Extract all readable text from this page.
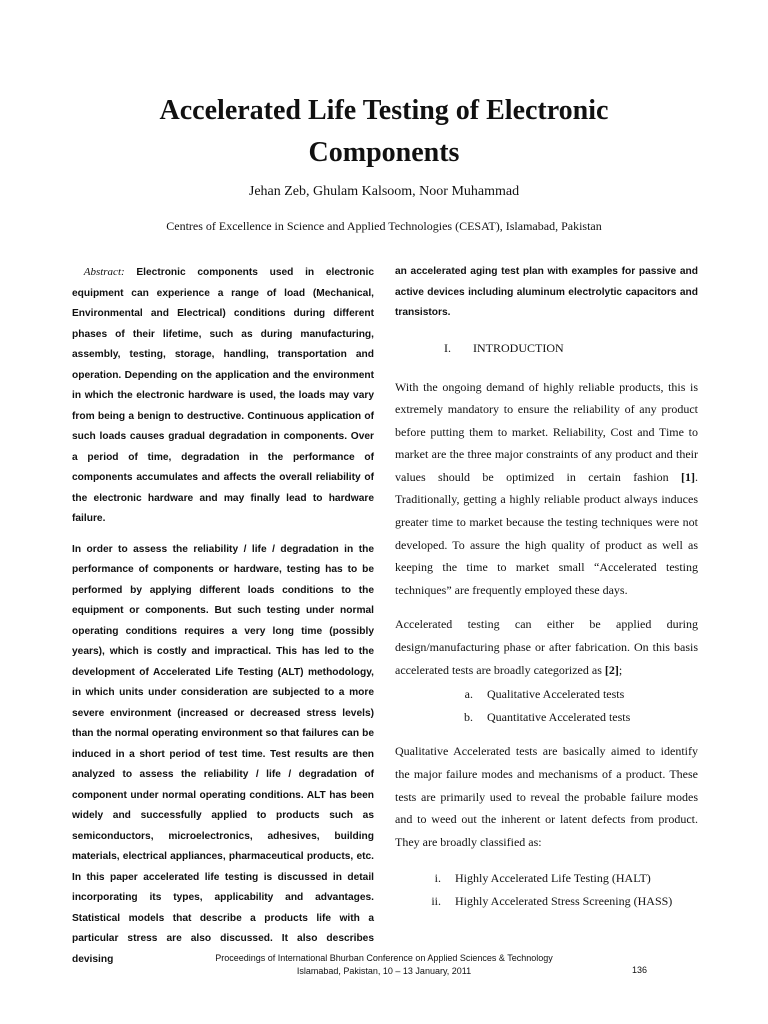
Accelerated Life Testing of Electronic
Components
Jehan Zeb, Ghulam Kalsoom, Noor Muhammad
Centres of Excellence in Science and Applied Technologies (CESAT), Islamabad, Pakistan

Abstract: Electronic components used in electronic equipment can experience a range of load (Mechanical, Environmental and Electrical) conditions during different phases of their lifetime, such as during manufacturing, assembly, testing, storage, handling, transportation and operation. Depending on the application and the environment in which the electronic hardware is used, the loads may vary from being a benign to destructive. Continuous application of such loads causes gradual degradation in components. Over a period of time, degradation in the performance of components accumulates and affects the overall reliability of the electronic hardware and may finally lead to hardware failure.

In order to assess the reliability / life / degradation in the performance of components or hardware, testing has to be performed by applying different loads conditions to the equipment or components. But such testing under normal operating conditions requires a very long time (possibly years), which is costly and impractical. This has led to the development of Accelerated Life Testing (ALT) methodology, in which units under consideration are subjected to a more severe environment (increased or decreased stress levels) than the normal operating environment so that failures can be induced in a short period of test time. Test results are then analyzed to assess the reliability / life / degradation of component under normal operating conditions. ALT has been widely and successfully applied to products such as semiconductors, microelectronics, adhesives, building materials, electrical appliances, pharmaceutical products, etc. In this paper accelerated life testing is discussed in detail incorporating its types, applicability and advantages. Statistical models that describe a products life with a particular stress are also discussed. It also describes devising

an accelerated aging test plan with examples for passive and active devices including aluminum electrolytic capacitors and transistors.

I. INTRODUCTION

With the ongoing demand of highly reliable products, this is extremely mandatory to ensure the reliability of any product before putting them to market. Reliability, Cost and Time to market are the three major constraints of any product and their values should be optimized in certain fashion [1]. Traditionally, getting a highly reliable product always induces greater time to market because the testing techniques were not developed. To assure the high quality of product as well as keeping the time to market small “Accelerated testing techniques” are frequently employed these days.

Accelerated testing can either be applied during design/manufacturing phase or after fabrication. On this basis accelerated tests are broadly categorized as [2];

a. Qualitative Accelerated tests
b. Quantitative Accelerated tests

Qualitative Accelerated tests are basically aimed to identify the major failure modes and mechanisms of a product. These tests are primarily used to reveal the probable failure modes and to weed out the inherent or latent defects from product. They are broadly classified as:

i. Highly Accelerated Life Testing (HALT)
ii. Highly Accelerated Stress Screening (HASS)
Proceedings of International Bhurban Conference on Applied Sciences & Technology
Islamabad, Pakistan, 10 – 13 January, 2011	136
